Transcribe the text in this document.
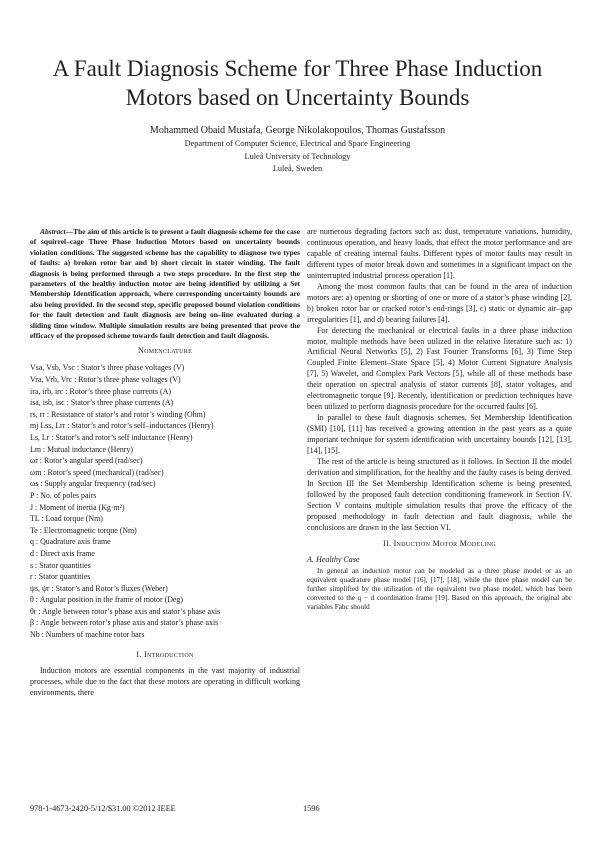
A Fault Diagnosis Scheme for Three Phase Induction Motors based on Uncertainty Bounds
Mohammed Obaid Mustafa, George Nikolakopoulos, Thomas Gustafsson
Department of Computer Science, Electrical and Space Engineering
Luleå University of Technology
Luleå, Sweden

Abstract—The aim of this article is to present a fault diagnosis scheme for the case of squirrel–cage Three Phase Induction Motors based on uncertainty bounds violation conditions. The suggested scheme has the capability to diagnose two types of faults: a) broken rotor bar and b) short circuit in stator winding. The fault diagnosis is being performed through a two steps procedure. In the first step the parameters of the healthy induction motor are being identified by utilizing a Set Membership Identification approach, where corresponding uncertainty bounds are also being provided. In the second step, specific proposed bound violation conditions for the fault detection and fault diagnosis are being on–line evaluated during a sliding time window. Multiple simulation results are being presented that prove the efficacy of the proposed scheme towards fault detection and fault diagnosis.

Nomenclature
Vsa, Vsb, Vsc : Stator’s three phase voltages (V)
Vra, Vrb, Vrc : Rotor’s three phase voltages (V)
ira, irb, irc : Rotor’s three phase currents (A)
isa, isb, isc : Stator’s three phase currents (A)
rs, rr : Resistance of stator’s and rotor’s winding (Ohm)
mj Lss, Lrr : Stator’s and rotor’s self–inductances (Henry)
Ls, Lr : Stator’s and rotor’s self inductance (Henry)
Lm : Mutual inductance (Henry)
ωr : Rotor’s angular speed (rad/sec)
ωm : Rotor’s speed (mechanical) (rad/sec)
ωs : Supply angular frequency (rad/sec)
P : No. of poles pairs
J : Moment of inertia (Kg·m²)
TL : Load torque (Nm)
Te : Electromagnetic torque (Nm)
q : Quadrature axis frame
d : Direct axis frame
s : Stator quantities
r : Stator quantities
ψs, ψr : Stator’s and Rotor’s fluxes (Weber)
θ : Angular position in the frame of motor (Deg)
θr : Angle between rotor’s phase axis and stator’s phase axis
β : Angle between rotor’s phase axis and stator’s phase axis
Nb : Numbers of machine rotor bars
I. Introduction

Induction motors are essential components in the vast majority of industrial processes, while due to the fact that these motors are operating in difficult working environments, there

are numerous degrading factors such as: dust, temperature variations, humidity, continuous operation, and heavy loads, that effect the motor performance and are capable of creating internal faults. Different types of motor faults may result in different types of motor break down and sometimes in a significant impact on the uninterrupted industrial process operation [1].

Among the most common faults that can be found in the area of induction motors are: a) opening or shorting of one or more of a stator’s phase winding [2], b) broken rotor bar or cracked rotor’s end-rings [3], c) static or dynamic air–gap irregularities [1], and d) bearing failures [4].

For detecting the mechanical or electrical faults in a three phase induction motor, multiple methods have been utilized in the relative literature such as: 1) Artificial Neural Networks [5], 2) Fast Fourier Transforms [6], 3) Time Step Coupled Finite Element–State Space [5], 4) Motor Current Signature Analysis [7], 5) Wavelet, and Complex Park Vectors [5], while all of these methods base their operation on spectral analysis of stator currents [8], stator voltages, and electromagnetic torque [9]. Recently, identification or prediction techniques have been utilized to perform diagnosis procedure for the occurred faults [6].

In parallel to these fault diagnosis schemes, Set Membership Identification (SMI) [10], [11] has received a growing attention in the past years as a quite important technique for system identification with uncertainty bounds [12], [13], [14], [15].

The rest of the article is being structured as it follows. In Section II the model derivation and simplification, for the healthy and the faulty cases is being derived. In Section III the Set Membership Identification scheme is being presented, followed by the proposed fault detection conditioning framework in Section IV. Section V contains multiple simulation results that prove the efficacy of the proposed methodology in fault detection and fault diagnosis, while the conclusions are drawn in the last Section VI.

II. Induction Motor Modeling
A. Healthy Case

In general an induction motor can be modeled as a three phase model or as an equivalent quadrature phase model [16], [17], [18], while the three phase model can be further simplified by the utilization of the equivalent two phase model, which has been converted to the q − d coordination frame [19]. Based on this approach, the original abc variables Fabc should

978-1-4673-2420-5/12/$31.00 ©2012 IEEE	1596
